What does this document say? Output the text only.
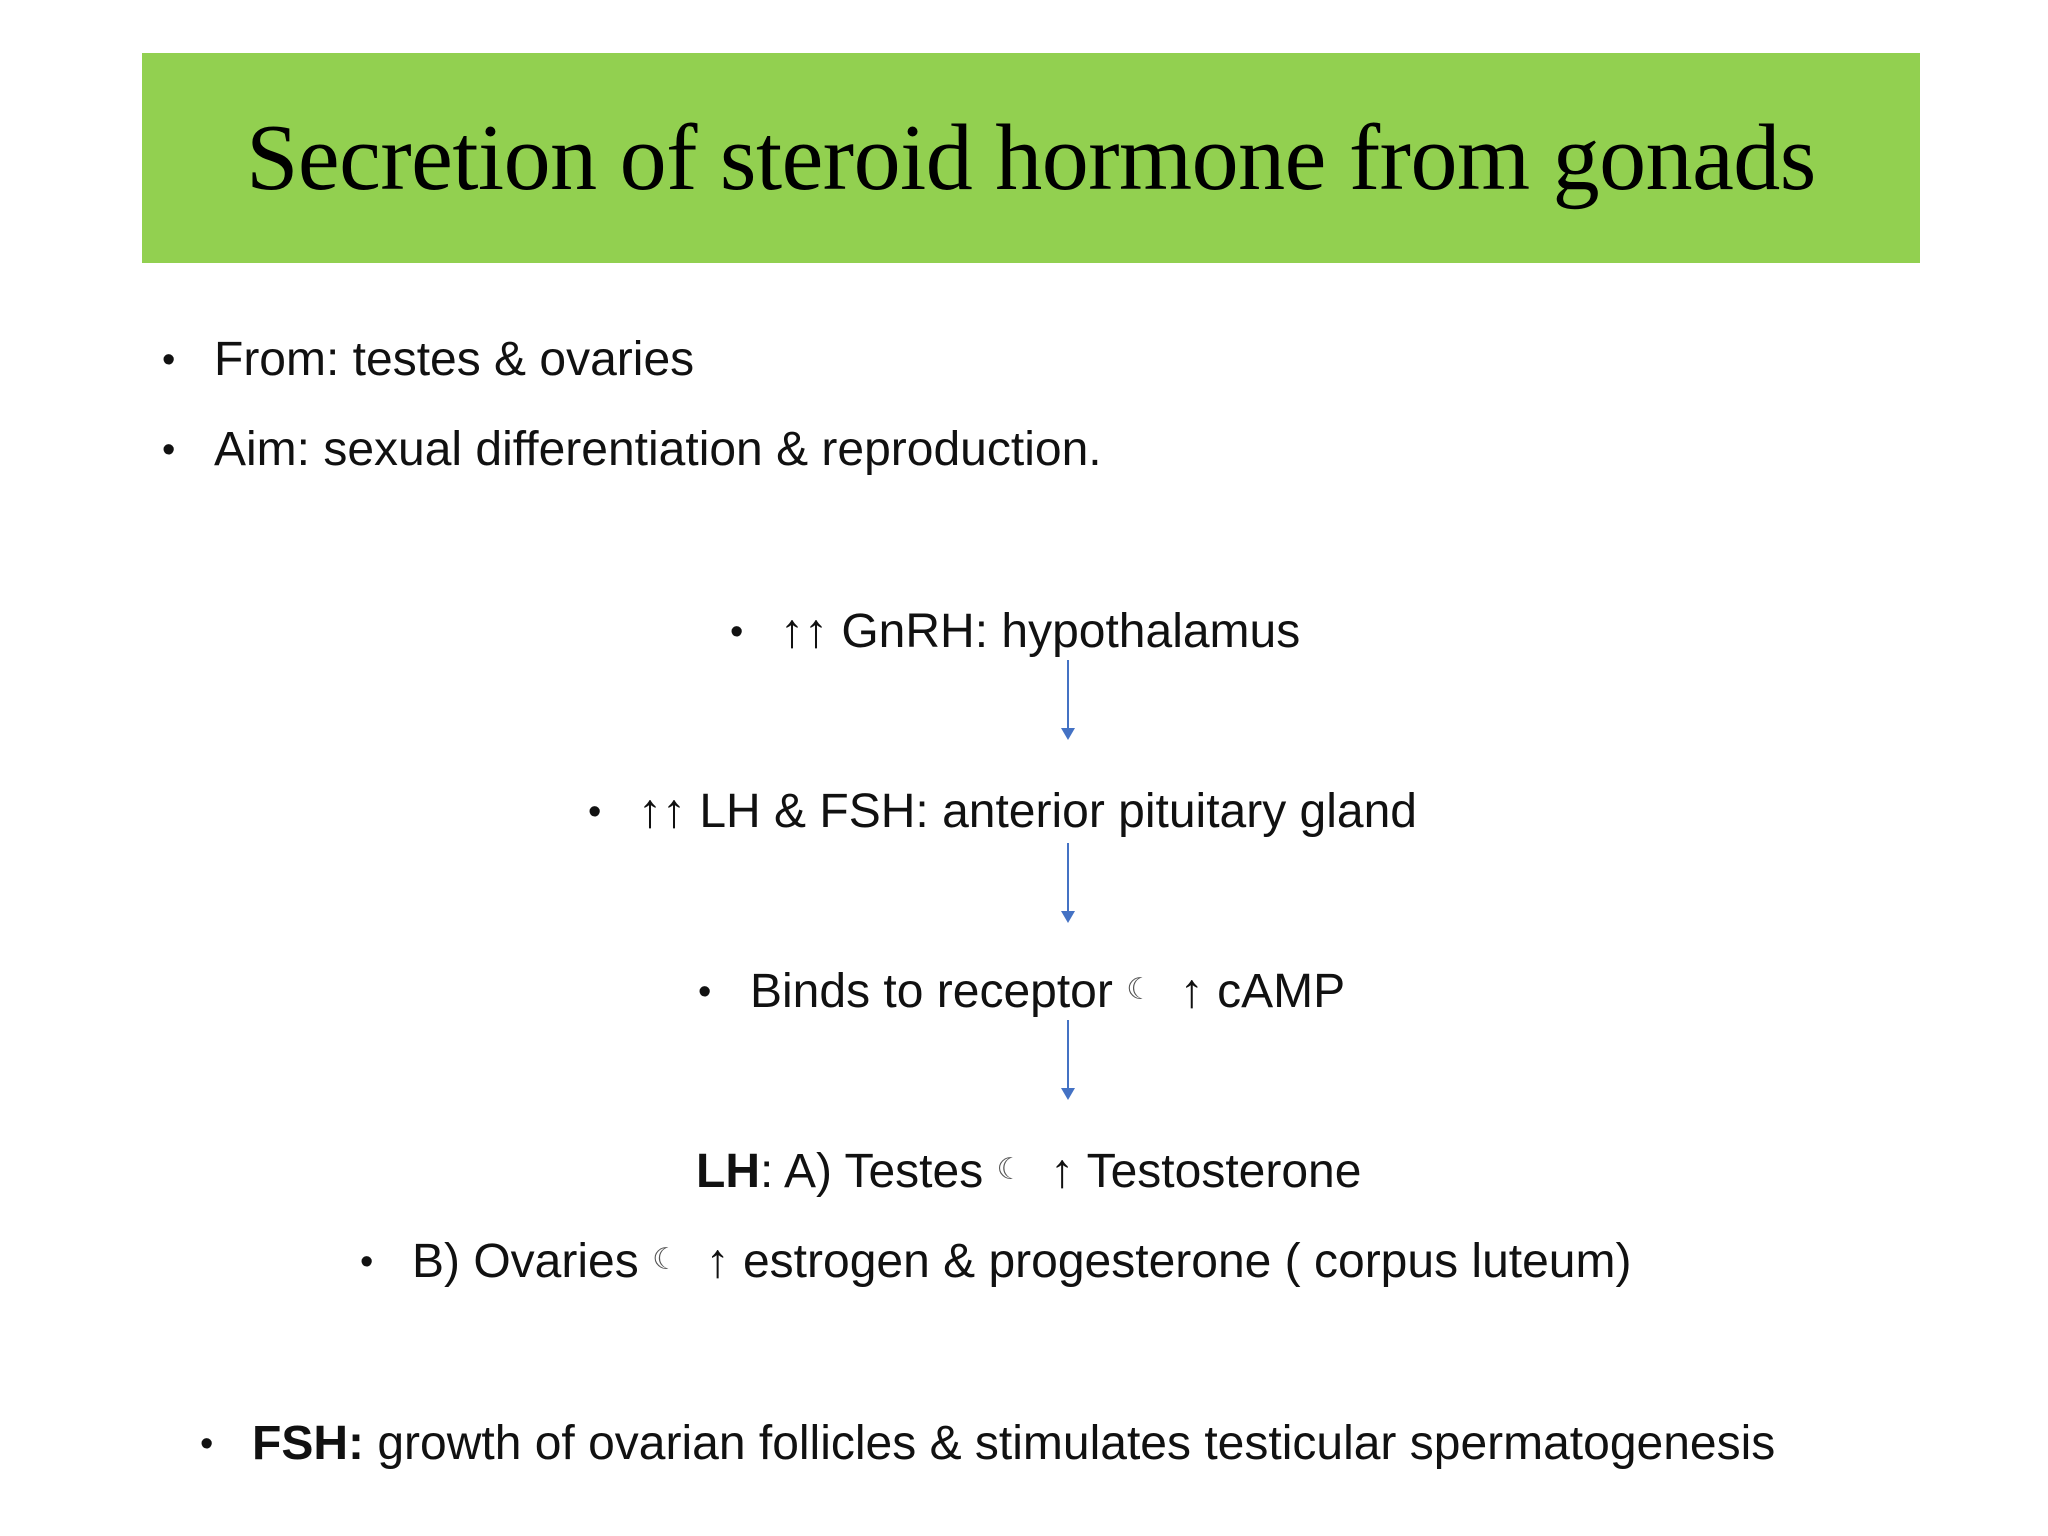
Secretion of steroid hormone from gonads
• From: testes & ovaries
• Aim: sexual differentiation & reproduction.
• ↑↑ GnRH: hypothalamus
• ↑↑ LH & FSH: anterior pituitary gland
• Binds to receptor ☾ ↑ cAMP
LH: A) Testes ☾ ↑ Testosterone
• B) Ovaries ☾ ↑ estrogen & progesterone ( corpus luteum)
• FSH: growth of ovarian follicles & stimulates testicular spermatogenesis
